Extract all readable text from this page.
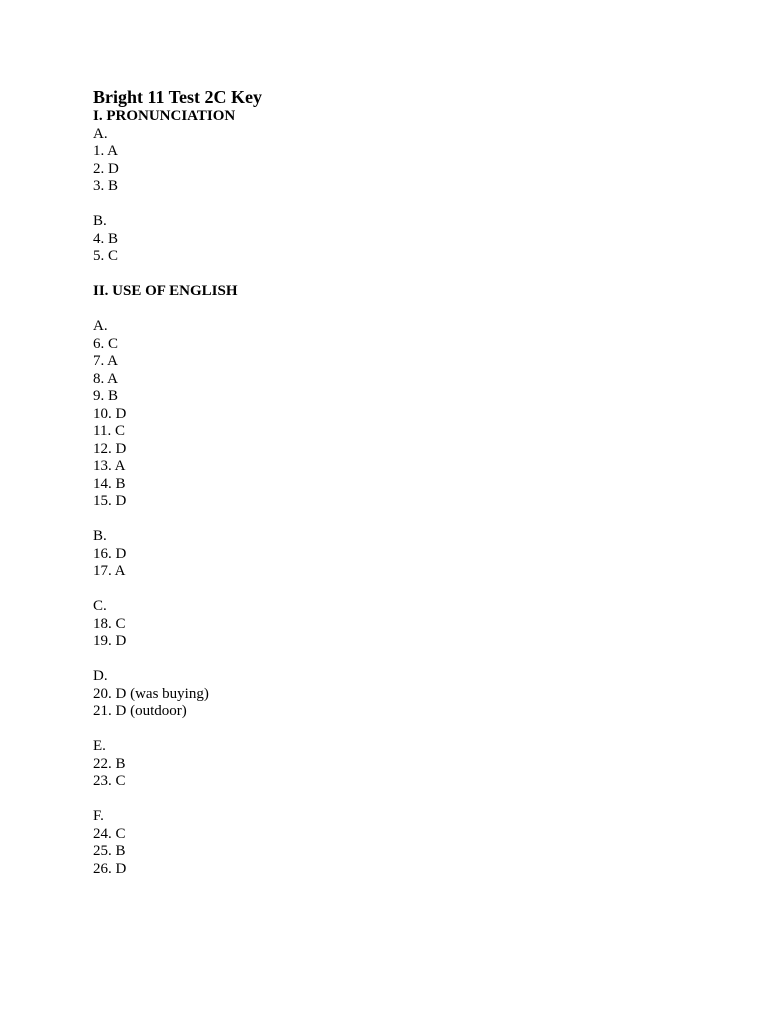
Bright 11 Test 2C Key
I. PRONUNCIATION
A.
1. A
2. D
3. B
B.
4. B
5. C
II. USE OF ENGLISH
A.
6. C
7. A
8. A
9. B
10. D
11. C
12. D
13. A
14. B
15. D
B.
16. D
17. A
C.
18. C
19. D
D.
20. D (was buying)
21. D (outdoor)
E.
22. B
23. C
F.
24. C
25. B
26. D
